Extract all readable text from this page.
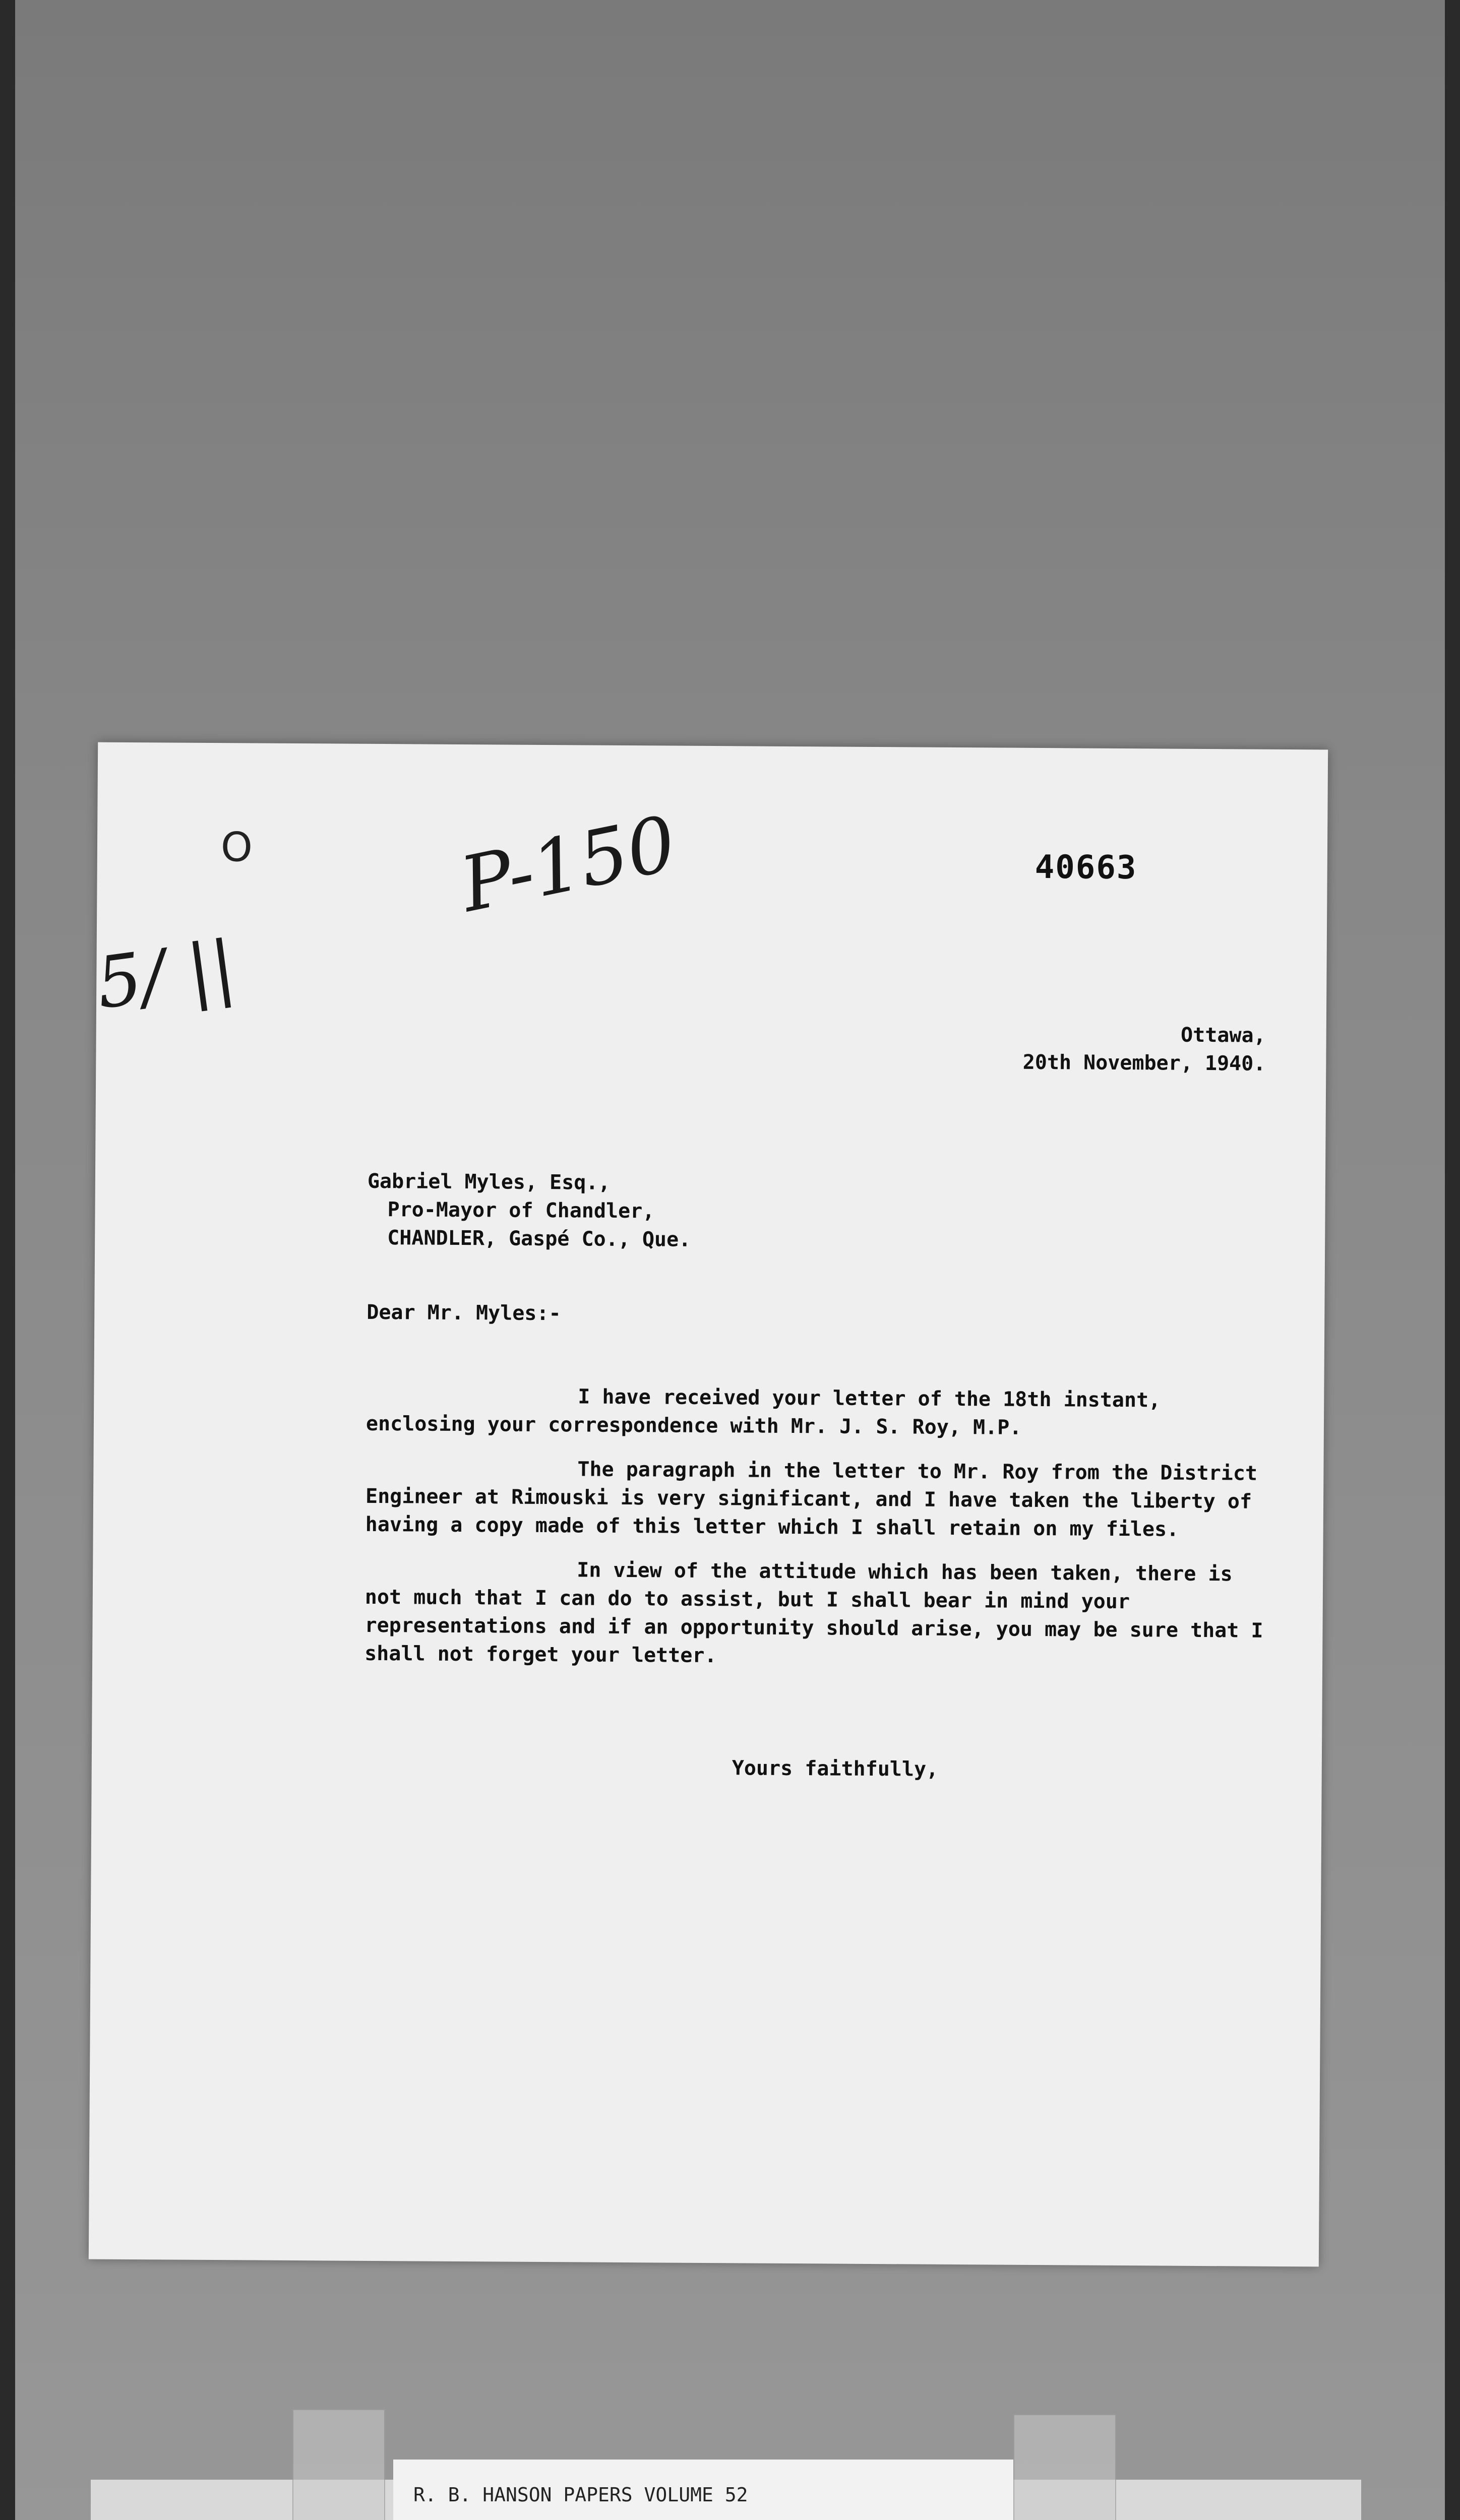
O	40663
P-150
5/ ||
Ottawa,
20th November, 1940.
Gabriel Myles, Esq.,
Pro-Mayor of Chandler,
CHANDLER, Gaspé Co., Que.
Dear Mr. Myles:-

I have received your letter of the 18th instant, enclosing your correspondence with Mr. J. S. Roy, M.P.

The paragraph in the letter to Mr. Roy from the District Engineer at Rimouski is very significant, and I have taken the liberty of having a copy made of this letter which I shall retain on my files.

In view of the attitude which has been taken, there is not much that I can do to assist, but I shall bear in mind your representations and if an opportunity should arise, you may be sure that I shall not forget your letter.

Yours faithfully,
R. B. HANSON PAPERS VOLUME 52
